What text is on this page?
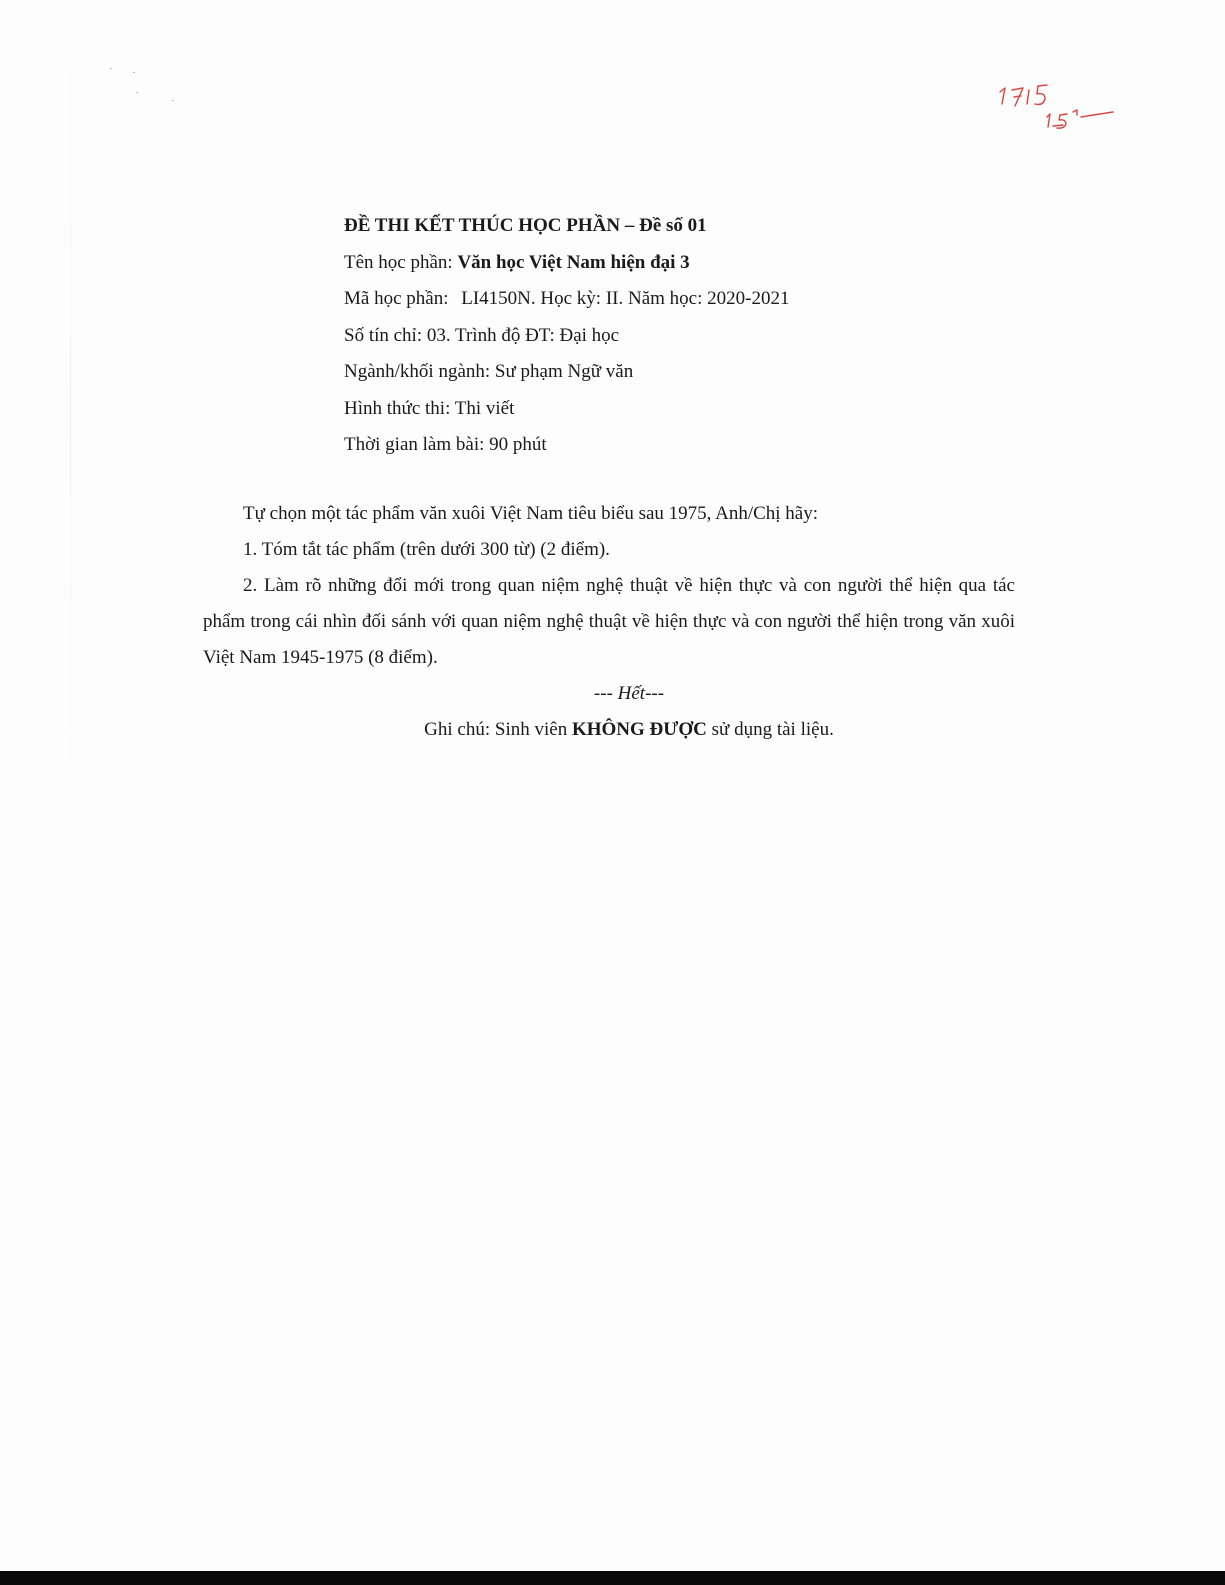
ĐỀ THI KẾT THÚC HỌC PHẦN – Đề số 01
Tên học phần: Văn học Việt Nam hiện đại 3
Mã học phần: LI4150N. Học kỳ: II. Năm học: 2020-2021
Số tín chỉ: 03. Trình độ ĐT: Đại học
Ngành/khối ngành: Sư phạm Ngữ văn
Hình thức thi: Thi viết
Thời gian làm bài: 90 phút

Tự chọn một tác phẩm văn xuôi Việt Nam tiêu biểu sau 1975, Anh/Chị hãy:

1. Tóm tắt tác phẩm (trên dưới 300 từ) (2 điểm).

2. Làm rõ những đổi mới trong quan niệm nghệ thuật về hiện thực và con người thể hiện qua tác phẩm trong cái nhìn đối sánh với quan niệm nghệ thuật về hiện thực và con người thể hiện trong văn xuôi Việt Nam 1945-1975 (8 điểm).

--- Hết---

Ghi chú: Sinh viên KHÔNG ĐƯỢC sử dụng tài liệu.
